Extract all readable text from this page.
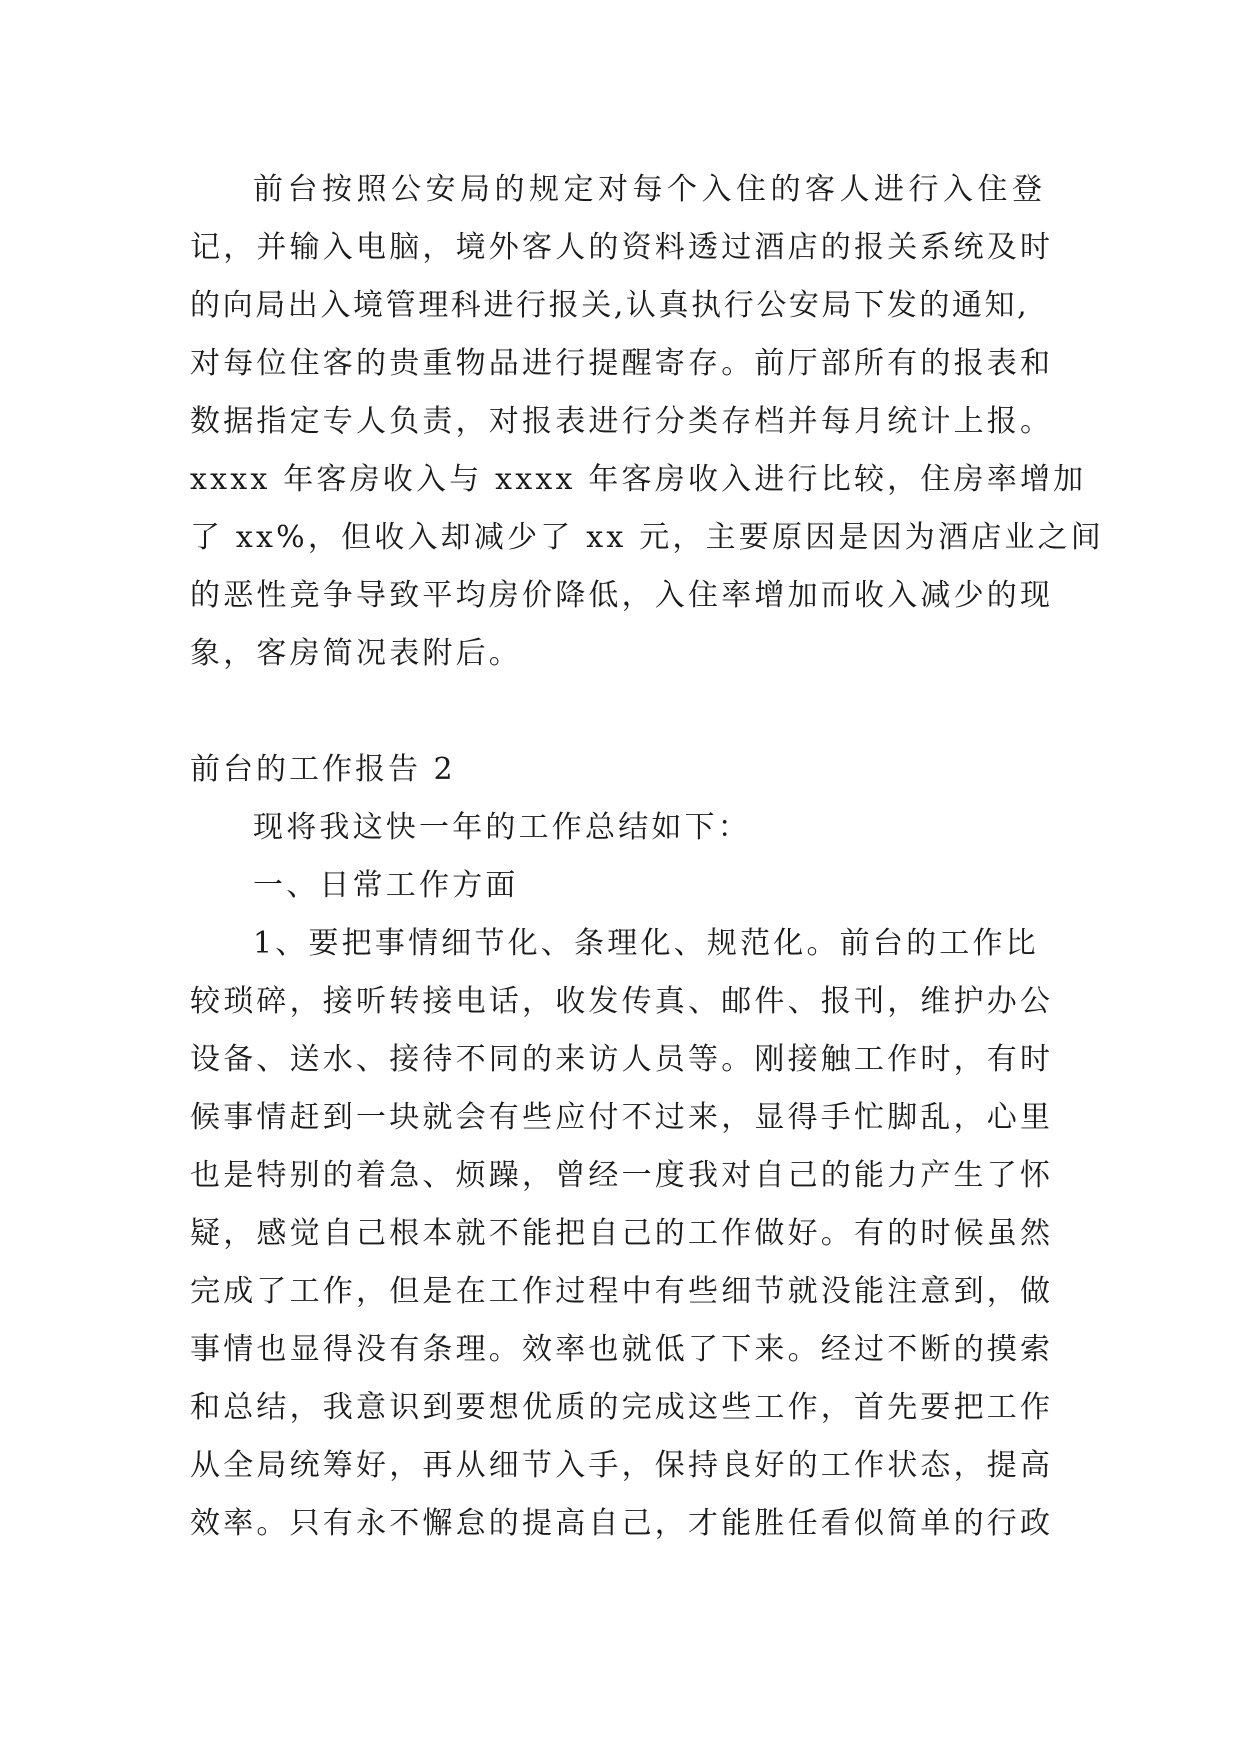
前台按照公安局的规定对每个入住的客人进行入住登
记，并输入电脑，境外客人的资料透过酒店的报关系统及时
的向局出入境管理科进行报关,认真执行公安局下发的通知,
对每位住客的贵重物品进行提醒寄存。前厅部所有的报表和
数据指定专人负责，对报表进行分类存档并每月统计上报。
xxxx 年客房收入与 xxxx 年客房收入进行比较，住房率增加
了 xx%，但收入却减少了 xx 元，主要原因是因为酒店业之间
的恶性竞争导致平均房价降低，入住率增加而收入减少的现
象，客房简况表附后。
前台的工作报告 2
现将我这快一年的工作总结如下：
一、日常工作方面
1、要把事情细节化、条理化、规范化。前台的工作比
较琐碎，接听转接电话，收发传真、邮件、报刊，维护办公
设备、送水、接待不同的来访人员等。刚接触工作时，有时
候事情赶到一块就会有些应付不过来，显得手忙脚乱，心里
也是特别的着急、烦躁，曾经一度我对自己的能力产生了怀
疑，感觉自己根本就不能把自己的工作做好。有的时候虽然
完成了工作，但是在工作过程中有些细节就没能注意到，做
事情也显得没有条理。效率也就低了下来。经过不断的摸索
和总结，我意识到要想优质的完成这些工作，首先要把工作
从全局统筹好，再从细节入手，保持良好的工作状态，提高
效率。只有永不懈怠的提高自己，才能胜任看似简单的行政
